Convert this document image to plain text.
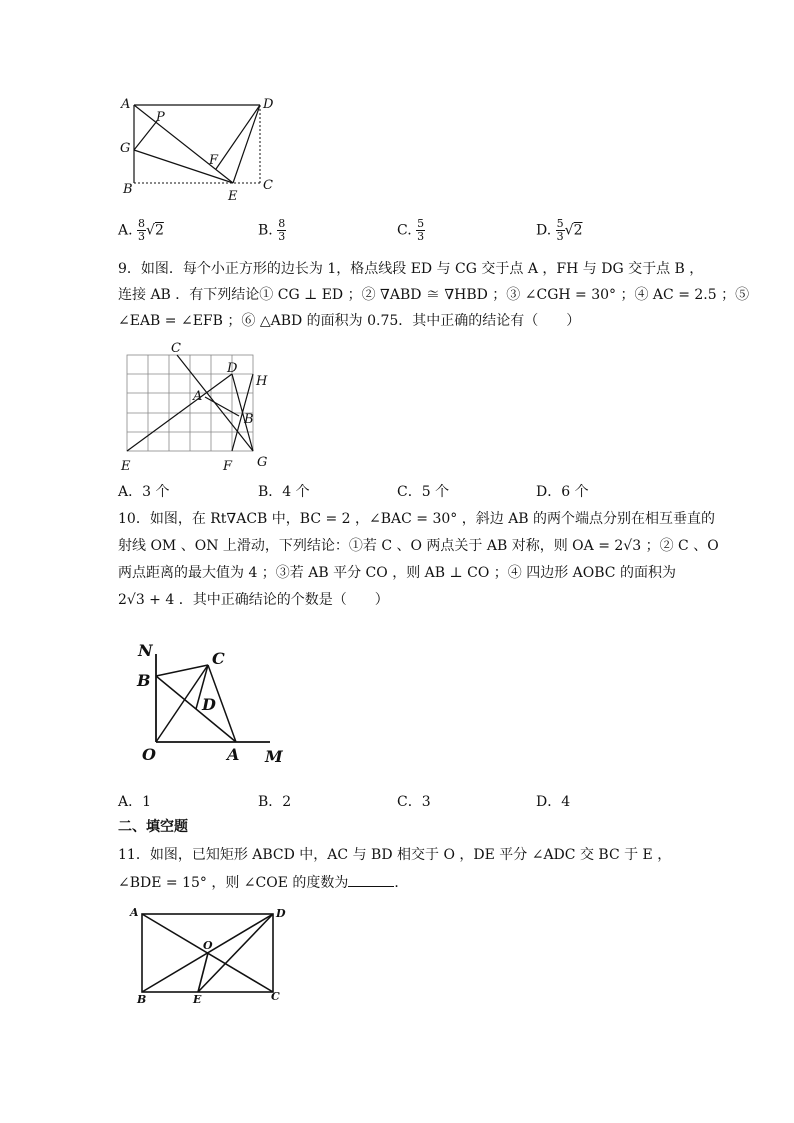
A	D
P
G
F
B	E
C
A. $\frac{8}{3} √2$	B. $\frac{8}{3}$	C. $\frac{5}{3}$	D. $\frac{5}{3} √2$
9．如图．每个小正方形的边长为 1，格点线段 ED 与 CG 交于点 A ，FH 与 DG 交于点 B ，
连接 AB ．有下列结论① CG ⊥ ED ；② ∇ABD ≅ ∇HBD ；③ ∠CGH = 30° ；④ AC = 2.5 ；⑤
∠EAB = ∠EFB ；⑥ △ABD 的面积为 0.75．其中正确的结论有（　　）
C
D
H
A
B
E	F G
A．3 个	B．4 个	C．5 个	D．6 个
10．如图，在 Rt∇ACB 中，BC = 2 ，∠BAC = 30° ，斜边 AB 的两个端点分别在相互垂直的
射线 OM 、ON 上滑动，下列结论：①若 C 、O 两点关于 AB 对称，则 OA = 2√3 ；② C 、O
两点距离的最大值为 4 ；③若 AB 平分 CO ，则 AB ⊥ CO ；④ 四边形 AOBC 的面积为
2√3 + 4 ．其中正确结论的个数是（　　）
N	C
B
D
O	A M
A．1	B．2	C．3	D．4
二、填空题
11．如图，已知矩形 ABCD 中，AC 与 BD 相交于 O ，DE 平分 ∠ADC 交 BC 于 E ，
∠BDE = 15° ，则 ∠COE 的度数为	．
A	D
O
B	E	C
